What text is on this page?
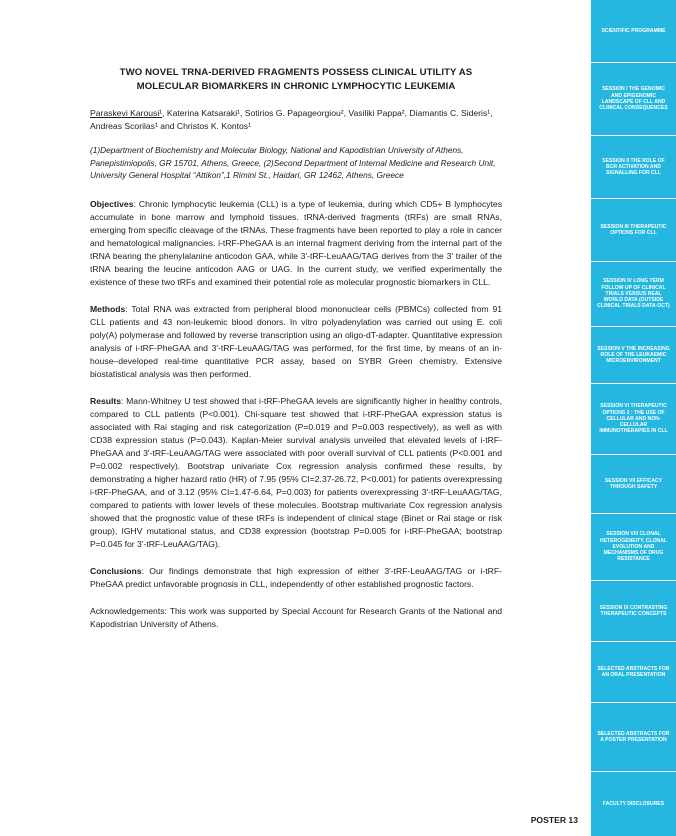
TWO NOVEL TRNA-DERIVED FRAGMENTS POSSESS CLINICAL UTILITY AS
MOLECULAR BIOMARKERS IN CHRONIC LYMPHOCYTIC LEUKEMIA
Paraskevi Karousi¹, Katerina Katsaraki¹, Sotirios G. Papageorgiou², Vasiliki Pappa², Diamantis C. Sideris¹, Andreas Scorilas¹ and Christos K. Kontos¹
(1)Department of Biochemistry and Molecular Biology, National and Kapodistrian University of Athens, Panepistimiopolis, GR 15701, Athens, Greece, (2)Second Department of Internal Medicine and Research Unit, University General Hospital “Attikon”,1 Rimini St., Haidari, GR 12462, Athens, Greece
Objectives: Chronic lymphocytic leukemia (CLL) is a type of leukemia, during which CD5+ B lymphocytes accumulate in bone marrow and lymphoid tissues. tRNA-derived fragments (tRFs) are small RNAs, emerging from specific cleavage of the tRNAs. These fragments have been reported to play a role in cancer and hematological malignancies. i-tRF-PheGAA is an internal fragment deriving from the internal part of the tRNA bearing the phenylalanine anticodon GAA, while 3'-tRF-LeuAAG/TAG derives from the 3' trailer of the tRNA bearing the leucine anticodon AAG or UAG. In the current study, we verified experimentally the existence of these two tRFs and examined their potential role as molecular prognostic biomarkers in CLL.
Methods: Total RNA was extracted from peripheral blood mononuclear cells (PBMCs) collected from 91 CLL patients and 43 non-leukemic blood donors. In vitro polyadenylation was carried out using E. coli poly(A) polymerase and followed by reverse transcription using an oligo-dT-adapter. Quantitative expression analysis of i-tRF-PheGAA and 3'-tRF-LeuAAG/TAG was performed, for the first time, by means of an in-house–developed real-time quantitative PCR assay, based on SYBR Green chemistry. Extensive biostatistical analysis was then performed.
Results: Mann-Whitney U test showed that i-tRF-PheGAA levels are significantly higher in healthy controls, compared to CLL patients (P<0.001). Chi-square test showed that i-tRF-PheGAA expression status is associated with Rai staging and risk categorization (P=0.019 and P=0.003 respectively), as well as with CD38 expression status (P=0.043). Kaplan-Meier survival analysis unveiled that elevated levels of i-tRF-PheGAA and 3'-tRF-LeuAAG/TAG were associated with poor overall survival of CLL patients (P<0.001 and P=0.002 respectively). Bootstrap univariate Cox regression analysis confirmed these results, by demonstrating a higher hazard ratio (HR) of 7.95 (95% CI=2.37-26.72, P<0.001) for patients overexpressing i-tRF-PheGAA, and of 3.12 (95% CI=1.47-6.64, P=0.003) for patients overexpressing 3'-tRF-LeuAAG/TAG, compared to patients with lower levels of these molecules. Bootstrap multivariate Cox regression analysis showed that the prognostic value of these tRFs is independent of clinical stage (Binet or Rai stage or risk group), IGHV mutational status, and CD38 expression (bootstrap P=0.005 for i-tRF-PheGAA; bootstrap P=0.045 for 3'-tRF-LeuAAG/TAG).
Conclusions: Our findings demonstrate that high expression of either 3'-tRF-LeuAAG/TAG or i-tRF-PheGAA predict unfavorable prognosis in CLL, independently of other established prognostic factors.
Acknowledgements: This work was supported by Special Account for Research Grants of the National and Kapodistrian University of Athens.
SCIENTIFIC PROGRAMME
SESSION I THE GENOMIC AND EPIGENOMIC LANDSCAPE OF CLL AND CLINICAL CONSEQUENCES
SESSION II THE ROLE OF BCR ACTIVATION AND SIGNALLING FOR CLL
SESSION III THERAPEUTIC OPTIONS FOR CLL
SESSION IV LONG TERM FOLLOW UP OF CLINICAL TRIALS VERSUS REAL WORLD DATA (OUTSIDE CLINICAL TRIALS DATA-OCT)
SESSION V THE INCREASING ROLE OF THE LEUKAEMIC MICROENVIRONMENT
SESSION VI THERAPEUTIC OPTIONS 2 : THE USE OF CELLULAR AND NON-CELLULAR IMMUNOTHERAPIES IN CLL
SESSION VII EFFICACY THROUGH SAFETY
SESSION VIII CLONAL HETEROGENEITY, CLONAL EVOLUTION AND MECHANISMS OF DRUG RESISTANCE
SESSION IX CONTRASTING THERAPEUTIC CONCEPTS
SELECTED ABSTRACTS FOR AN ORAL PRESENTATION
SELECTED ABSTRACTS FOR A POSTER PRESENTATION
FACULTY DISCLOSURES
POSTER 13
